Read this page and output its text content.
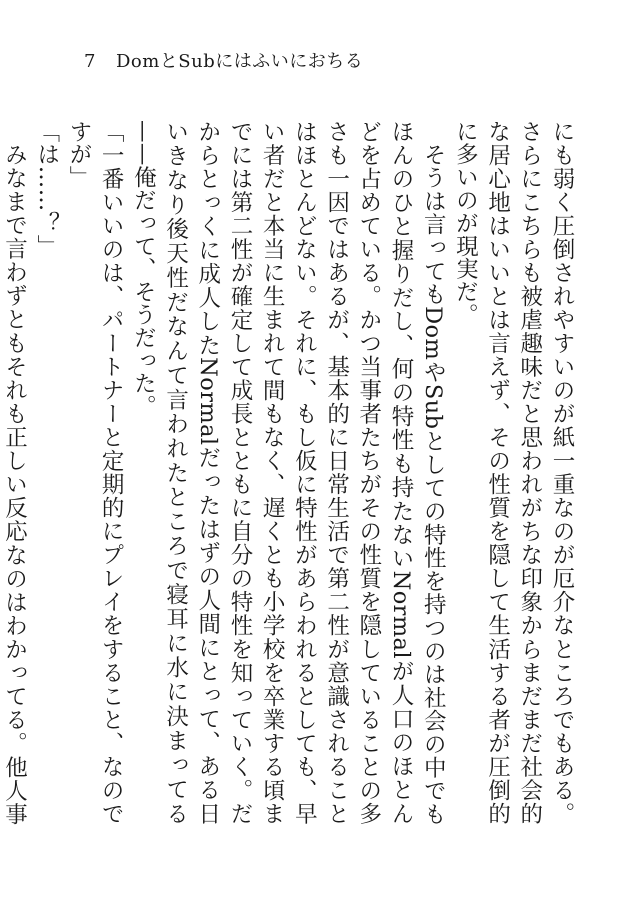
7 DomとSubにはふいにおちる

にも弱く圧倒されやすいのが紙一重なのが厄介なところでもある。さらにこちらも被虐趣味だと思われがちな印象からまだまだ社会的な居心地はいいとは言えず、その性質を隠して生活する者が圧倒的に多いのが現実だ。

そうは言ってもDomやSubとしての特性を持つのは社会の中でもほんのひと握りだし、何の特性も持たないNormalが人口のほとんどを占めている。かつ当事者たちがその性質を隠していることの多さも一因ではあるが、基本的に日常生活で第二性が意識されることはほとんどない。それに、もし仮に特性があらわれるとしても、早い者だと本当に生まれて間もなく、遅くとも小学校を卒業する頃までには第二性が確定して成長とともに自分の特性を知っていく。だからとっくに成人したNormalだったはずの人間にとって、ある日いきなり後天性だなんて言われたところで寝耳に水に決まってる——俺だって、そうだった。

「一番いいのは、パートナーと定期的にプレイをすること、なのですが」

「は……？」

みなまで言わずともそれも正しい反応なのはわかってる。他人事
